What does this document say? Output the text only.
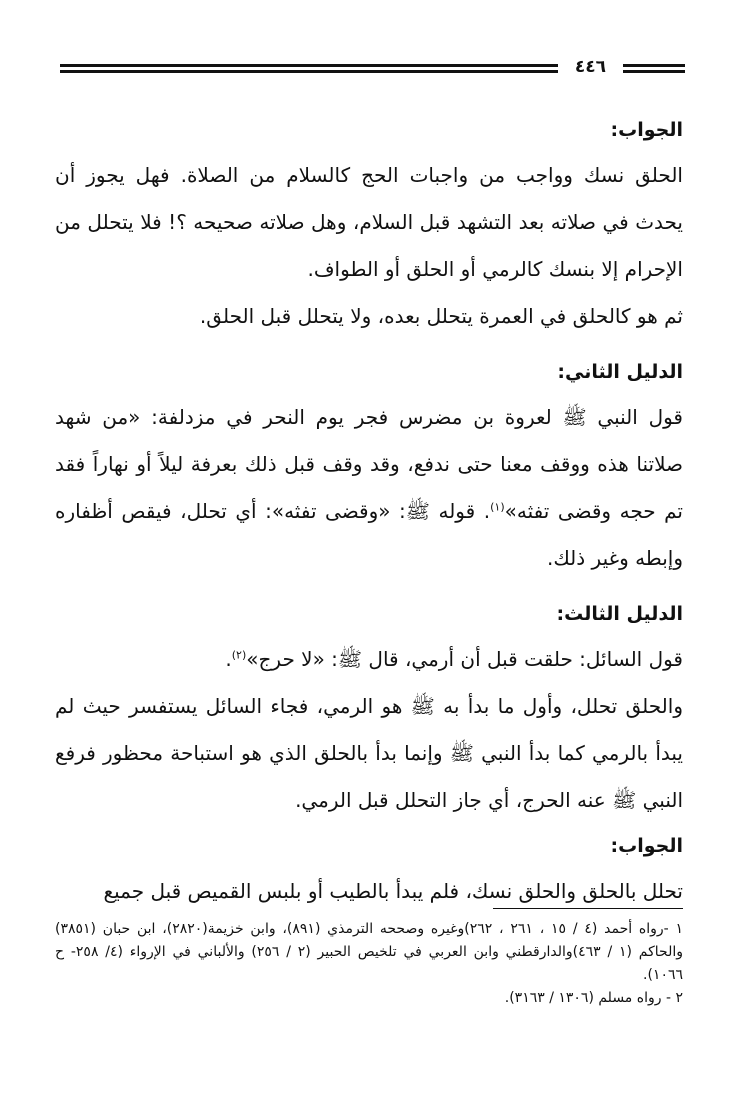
٤٤٦

الجواب:

الحلق نسك وواجب من واجبات الحج كالسلام من الصلاة. فهل يجوز أن يحدث في صلاته بعد التشهد قبل السلام، وهل صلاته صحيحه ؟! فلا يتحلل من الإحرام إلا بنسك كالرمي أو الحلق أو الطواف.

ثم هو كالحلق في العمرة يتحلل بعده، ولا يتحلل قبل الحلق.

الدليل الثاني:

قول النبي ﷺ لعروة بن مضرس فجر يوم النحر في مزدلفة: «من شهد صلاتنا هذه ووقف معنا حتى ندفع، وقد وقف قبل ذلك بعرفة ليلاً أو نهاراً فقد تم حجه وقضى تفثه»$^{(١)}$. قوله ﷺ: «وقضى تفثه»: أي تحلل، فيقص أظفاره وإبطه وغير ذلك.

الدليل الثالث:

قول السائل: حلقت قبل أن أرمي، قال ﷺ: «لا حرج»$^{(٢)}$.

والحلق تحلل، وأول ما بدأ به ﷺ هو الرمي، فجاء السائل يستفسر حيث لم يبدأ بالرمي كما بدأ النبي ﷺ وإنما بدأ بالحلق الذي هو استباحة محظور فرفع النبي ﷺ عنه الحرج، أي جاز التحلل قبل الرمي.

الجواب:

تحلل بالحلق والحلق نسك، فلم يبدأ بالطيب أو بلبس القميص قبل جميع

١ -رواه أحمد (٤ / ١٥ ، ٢٦١ ، ٢٦٢)وغيره وصححه الترمذي (٨٩١)، وابن خزيمة(٢٨٢٠)، ابن حبان (٣٨٥١) والحاكم (١ / ٤٦٣)والدارقطني وابن العربي في تلخيص الحبير (٢ / ٢٥٦) والألباني في الإرواء (٤/ ٢٥٨- ح ١٠٦٦).

٢ - رواه مسلم (١٣٠٦ / ٣١٦٣).
